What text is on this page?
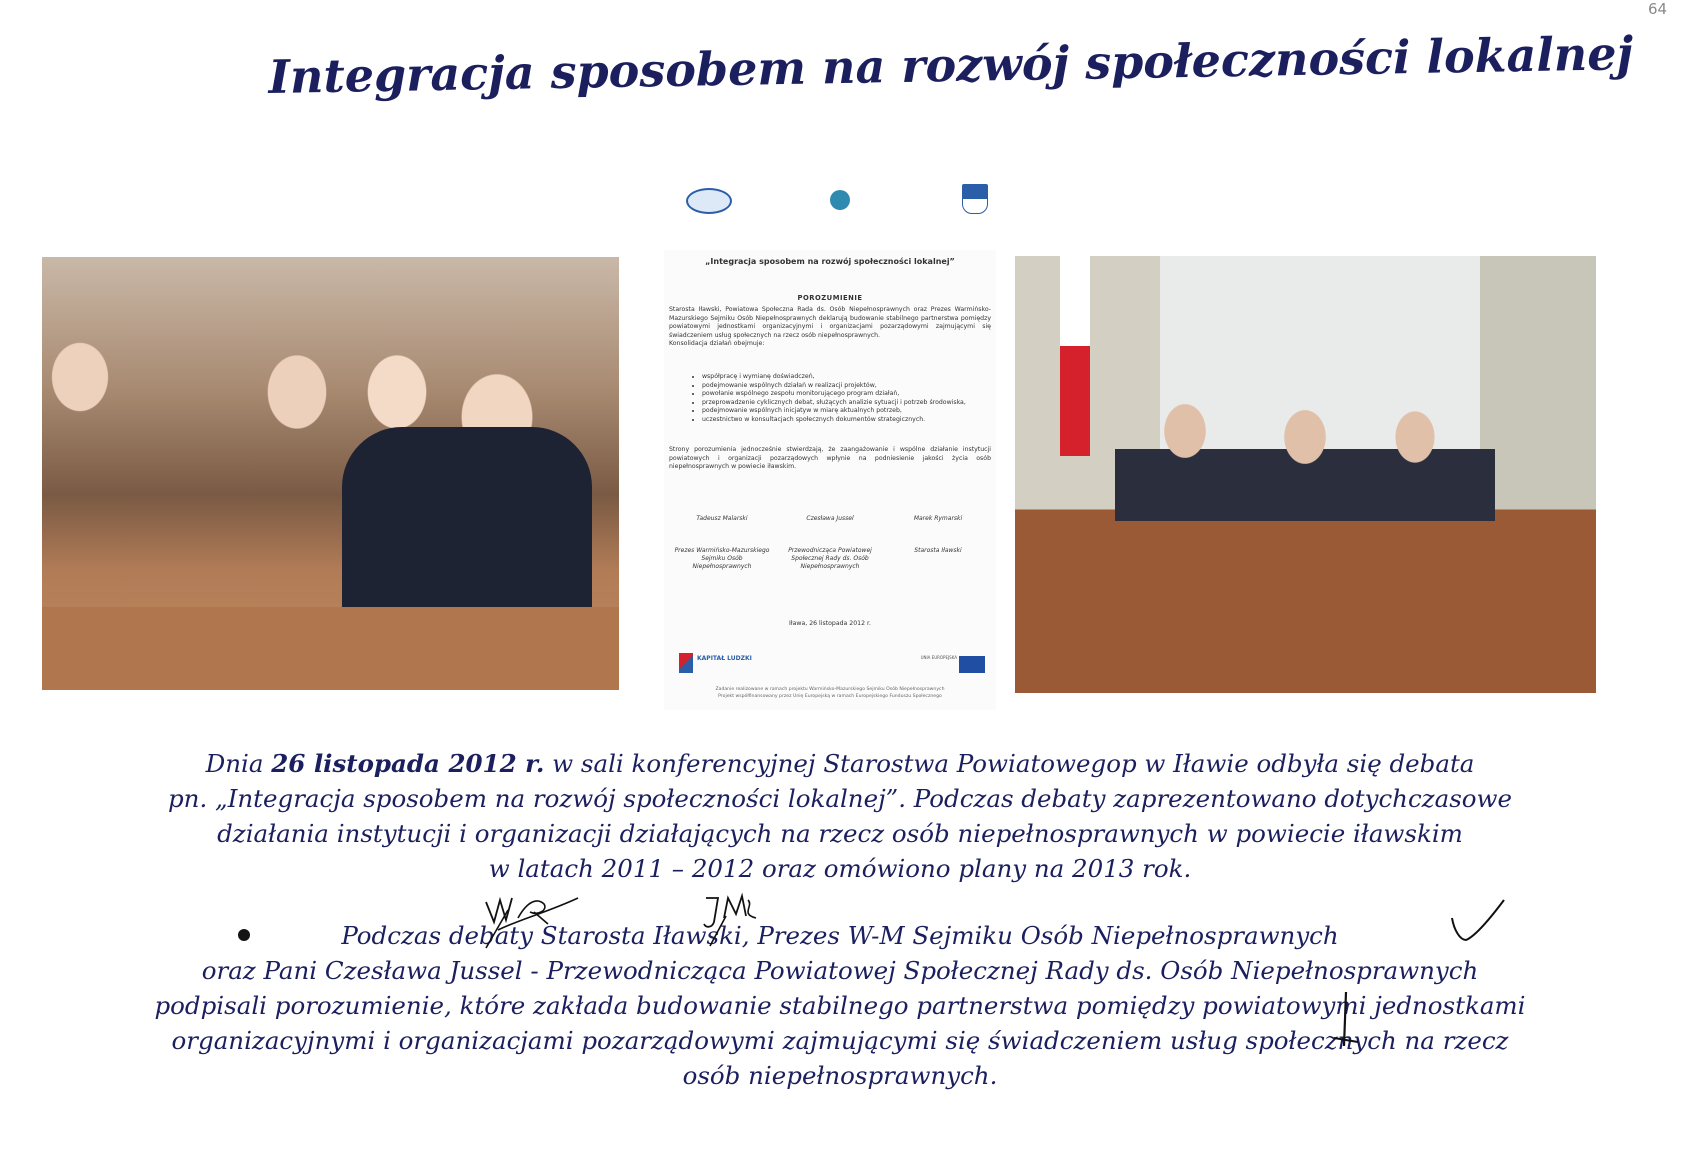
64
Integracja sposobem na rozwój społeczności lokalnej
„Integracja sposobem na rozwój społeczności lokalnej”
POROZUMIENIE
Starosta Iławski, Powiatowa Społeczna Rada ds. Osób Niepełnosprawnych oraz Prezes Warmińsko-Mazurskiego Sejmiku Osób Niepełnosprawnych deklarują budowanie stabilnego partnerstwa pomiędzy powiatowymi jednostkami organizacyjnymi i organizacjami pozarządowymi zajmującymi się świadczeniem usług społecznych na rzecz osób niepełnosprawnych.
Konsolidacja działań obejmuje:
• współpracę i wymianę doświadczeń,
• podejmowanie wspólnych działań w realizacji projektów,
• powołanie wspólnego zespołu monitorującego program działań,
• przeprowadzenie cyklicznych debat, służących analizie sytuacji i potrzeb środowiska,
• podejmowanie wspólnych inicjatyw w miarę aktualnych potrzeb,
• uczestnictwo w konsultacjach społecznych dokumentów strategicznych.
Strony porozumienia jednocześnie stwierdzają, że zaangażowanie i wspólne działanie instytucji powiatowych i organizacji pozarządowych wpłynie na podniesienie jakości życia osób niepełnosprawnych w powiecie iławskim.
Tadeusz Malarski
Prezes Warmińsko-Mazurskiego Sejmiku Osób Niepełnosprawnych
Czesława Jussel
Przewodnicząca Powiatowej Społecznej Rady ds. Osób Niepełnosprawnych
Marek Rymarski
Starosta Iławski
Iława, 26 listopada 2012 r.
KAPITAŁ LUDZKI	UNIA EUROPEJSKA
Zadanie realizowane w ramach projektu Warmińsko-Mazurskiego Sejmiku Osób Niepełnosprawnych
Projekt współfinansowany przez Unię Europejską w ramach Europejskiego Funduszu Społecznego
Dnia 26 listopada 2012 r. w sali konferencyjnej Starostwa Powiatowegop w Iławie odbyła się debata
pn. „Integracja sposobem na rozwój społeczności lokalnej”. Podczas debaty zaprezentowano dotychczasowe
działania instytucji i organizacji działających na rzecz osób niepełnosprawnych w powiecie iławskim
w latach 2011 – 2012 oraz omówiono plany na 2013 rok.
Podczas debaty Starosta Iławski, Prezes W-M Sejmiku Osób Niepełnosprawnych
oraz Pani Czesława Jussel - Przewodnicząca Powiatowej Społecznej Rady ds. Osób Niepełnosprawnych
podpisali porozumienie, które zakłada budowanie stabilnego partnerstwa pomiędzy powiatowymi jednostkami
organizacyjnymi i organizacjami pozarządowymi zajmującymi się świadczeniem usług społecznych na rzecz
osób niepełnosprawnych.
